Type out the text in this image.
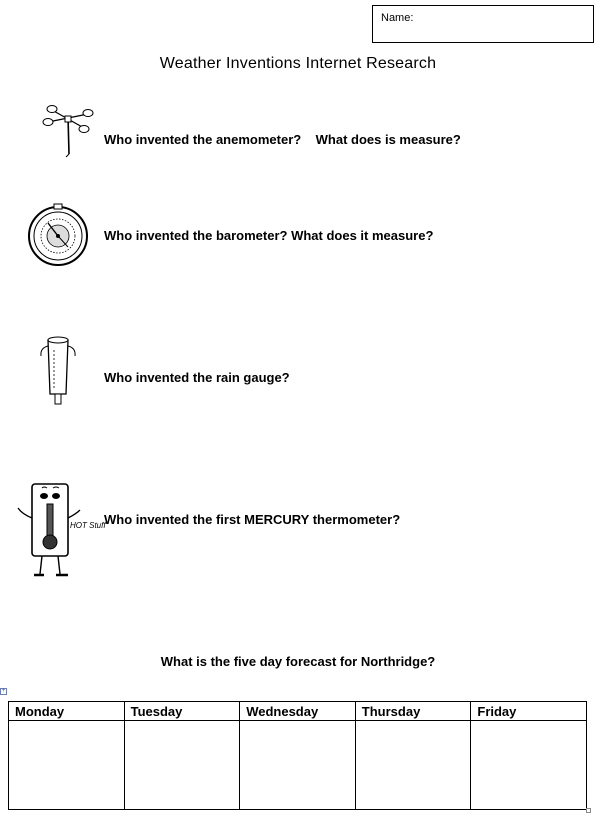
Name:
Weather Inventions Internet Research
Who invented the anemometer?    What does is measure?
Who invented the barometer? What does it measure?
Who invented the rain gauge?
HOT Stuff
Who invented the first MERCURY thermometer?
What is the five day forecast for Northridge?
+
Monday	Tuesday	Wednesday	Thursday	Friday
